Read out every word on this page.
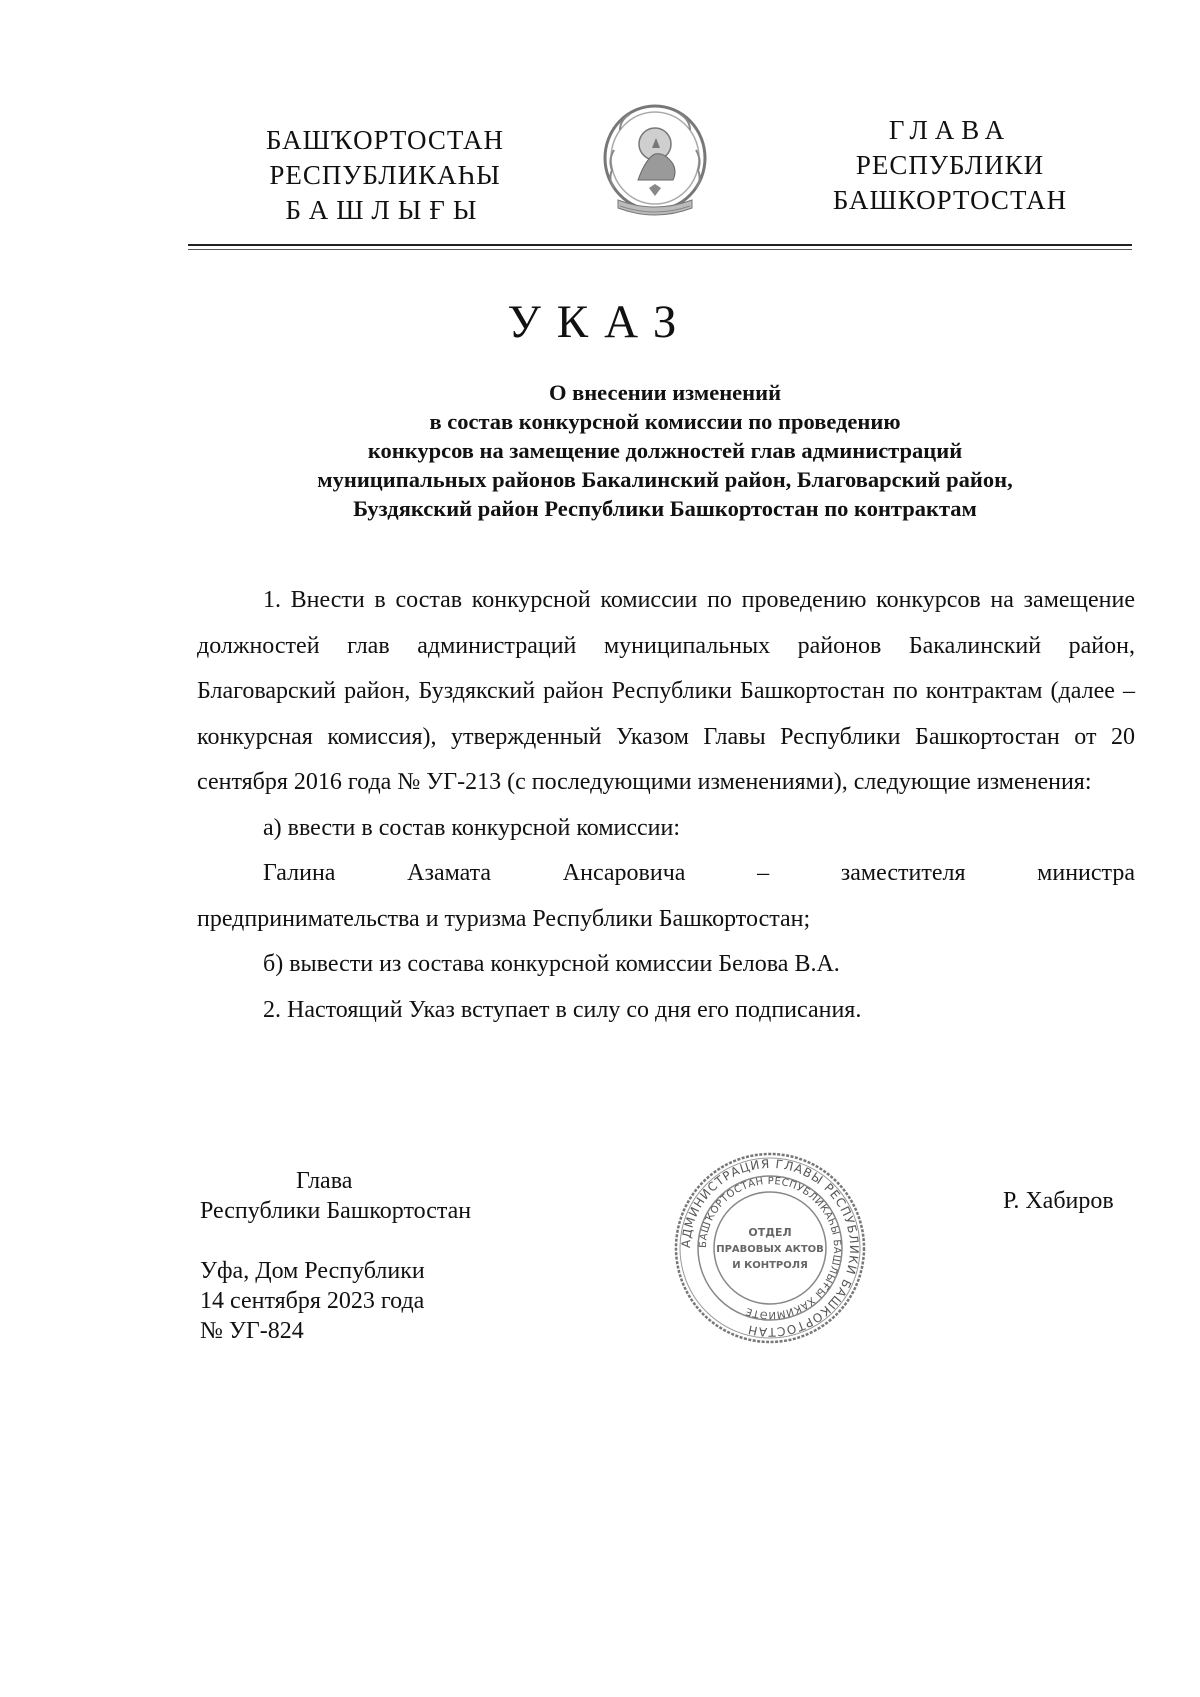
БАШҠОРТОСТАН
РЕСПУБЛИКАҺЫ
БАШЛЫҒЫ
ГЛАВА
РЕСПУБЛИКИ
БАШКОРТОСТАН
УКАЗ
О внесении изменений
в состав конкурсной комиссии по проведению
конкурсов на замещение должностей глав администраций
муниципальных районов Бакалинский район, Благоварский район,
Буздякский район Республики Башкортостан по контрактам

1. Внести в состав конкурсной комиссии по проведению конкурсов на замещение должностей глав администраций муниципальных районов Бакалинский район, Благоварский район, Буздякский район Республики Башкортостан по контрактам (далее – конкурсная комиссия), утвержденный Указом Главы Республики Башкортостан от 20 сентября 2016 года № УГ-213 (с последующими изменениями), следующие изменения:

а) ввести в состав конкурсной комиссии:

Галина Азамата Ансаровича – заместителя министра

предпринимательства и туризма Республики Башкортостан;

б) вывести из состава конкурсной комиссии Белова В.А.

2. Настоящий Указ вступает в силу со дня его подписания.

Глава
Республики Башкортостан
Уфа, Дом Республики
14 сентября 2023 года
№ УГ-824
Р. Хабиров
АДМИНИСТРАЦИЯ ГЛАВЫ РЕСПУБЛИКИ БАШКОРТОСТАН
БАШҠОРТОСТАН РЕСПУБЛИКАҺЫ БАШЛЫҒЫ ХАКИМИӘТЕ
ОТДЕЛ
ПРАВОВЫХ АКТОВ
И КОНТРОЛЯ
